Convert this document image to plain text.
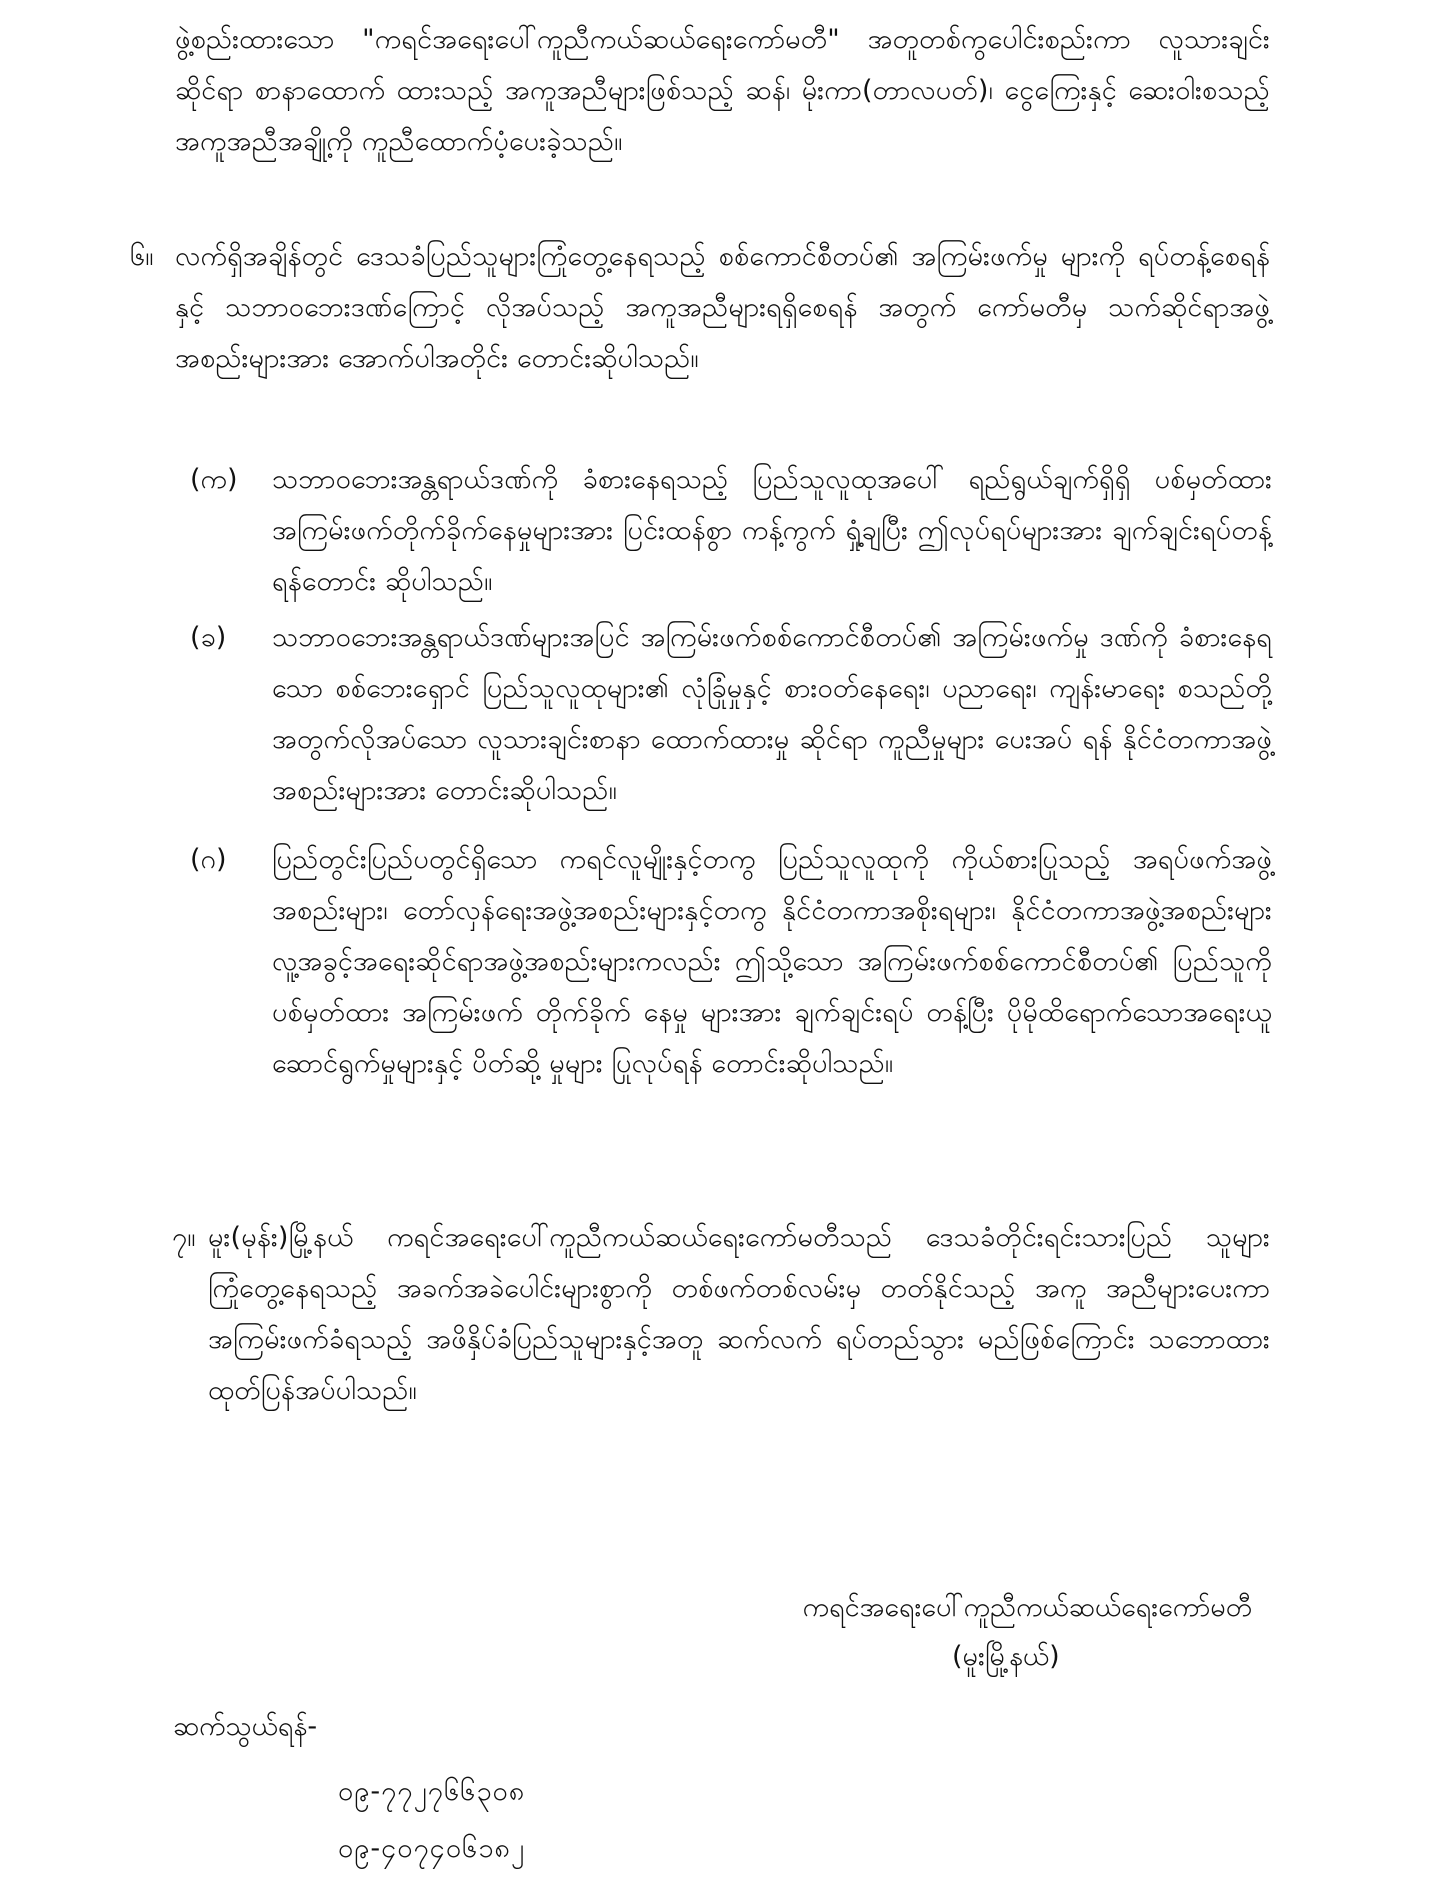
ဖွဲ့စည်းထားသော "ကရင်အရေးပေါ်ကူညီကယ်ဆယ်ရေးကော်မတီ" အတူတစ်ကွပေါင်းစည်းကာ လူသားချင်းဆိုင်ရာ စာနာထောက် ထားသည့် အကူအညီများဖြစ်သည့် ဆန်၊ မိုးကာ(တာလပတ်)၊ ငွေကြေးနှင့် ဆေးဝါးစသည့် အကူအညီအချို့ကို ကူညီထောက်ပံ့ပေးခဲ့သည်။
၆။ လက်ရှိအချိန်တွင် ဒေသခံပြည်သူများကြုံတွေ့နေရသည့် စစ်ကောင်စီတပ်၏ အကြမ်းဖက်မှု များကို ရပ်တန့်စေရန်နှင့် သဘာဝဘေးဒဏ်ကြောင့် လိုအပ်သည့် အကူအညီများရရှိစေရန် အတွက် ကော်မတီမှ သက်ဆိုင်ရာအဖွဲ့အစည်းများအား အောက်ပါအတိုင်း တောင်းဆိုပါသည်။
(က) သဘာဝဘေးအန္တရာယ်ဒဏ်ကို ခံစားနေရသည့် ပြည်သူလူထုအပေါ် ရည်ရွယ်ချက်ရှိရှိ ပစ်မှတ်ထား အကြမ်းဖက်တိုက်ခိုက်နေမှုများအား ပြင်းထန်စွာ ကန့်ကွက် ရှုံ့ချပြီး ဤလုပ်ရပ်များအား ချက်ချင်းရပ်တန့် ရန်တောင်း ဆိုပါသည်။
(ခ) သဘာဝဘေးအန္တရာယ်ဒဏ်များအပြင် အကြမ်းဖက်စစ်ကောင်စီတပ်၏ အကြမ်းဖက်မှု ဒဏ်ကို ခံစားနေရသော စစ်ဘေးရှောင် ပြည်သူလူထုများ၏ လုံခြုံမှုနှင့် စားဝတ်နေရေး၊ ပညာရေး၊ ကျန်းမာရေး စသည်တို့အတွက်လိုအပ်သော လူသားချင်းစာနာ ထောက်ထားမှု ဆိုင်ရာ ကူညီမှုများ ပေးအပ် ရန် နိုင်ငံတကာအဖွဲ့အစည်းများအား တောင်းဆိုပါသည်။
(ဂ) ပြည်တွင်းပြည်ပတွင်ရှိသော ကရင်လူမျိုးနှင့်တကွ ပြည်သူလူထုကို ကိုယ်စားပြုသည့် အရပ်ဖက်အဖွဲ့အစည်းများ၊ တော်လှန်ရေးအဖွဲ့အစည်းများနှင့်တကွ နိုင်ငံတကာအစိုးရများ၊ နိုင်ငံတကာအဖွဲ့အစည်းများ လူ့အခွင့်အရေးဆိုင်ရာအဖွဲ့အစည်းများကလည်း ဤသို့သော အကြမ်းဖက်စစ်ကောင်စီတပ်၏ ပြည်သူကိုပစ်မှတ်ထား အကြမ်းဖက် တိုက်ခိုက် နေမှု များအား ချက်ချင်းရပ် တန့်ပြီး ပိုမိုထိရောက်သောအရေးယူဆောင်ရွက်မှုများနှင့် ပိတ်ဆို့ မှုများ ပြုလုပ်ရန် တောင်းဆိုပါသည်။
၇။ မူး(မုန်း)မြို့နယ် ကရင်အရေးပေါ်ကူညီကယ်ဆယ်ရေးကော်မတီသည် ဒေသခံတိုင်းရင်းသားပြည် သူများ ကြုံတွေ့နေရသည့် အခက်အခဲပေါင်းများစွာကို တစ်ဖက်တစ်လမ်းမှ တတ်နိုင်သည့် အကူ အညီများပေးကာ အကြမ်းဖက်ခံရသည့် အဖိနှိပ်ခံပြည်သူများနှင့်အတူ ဆက်လက် ရပ်တည်သွား မည်ဖြစ်ကြောင်း သဘောထားထုတ်ပြန်အပ်ပါသည်။
ကရင်အရေးပေါ်ကူညီကယ်ဆယ်ရေးကော်မတီ
(မူးမြို့နယ်)
ဆက်သွယ်ရန်-
၀၉-၇၇၂၇၆၆၃၀၈
၀၉-၄၀၇၄၀၆၁၈၂
